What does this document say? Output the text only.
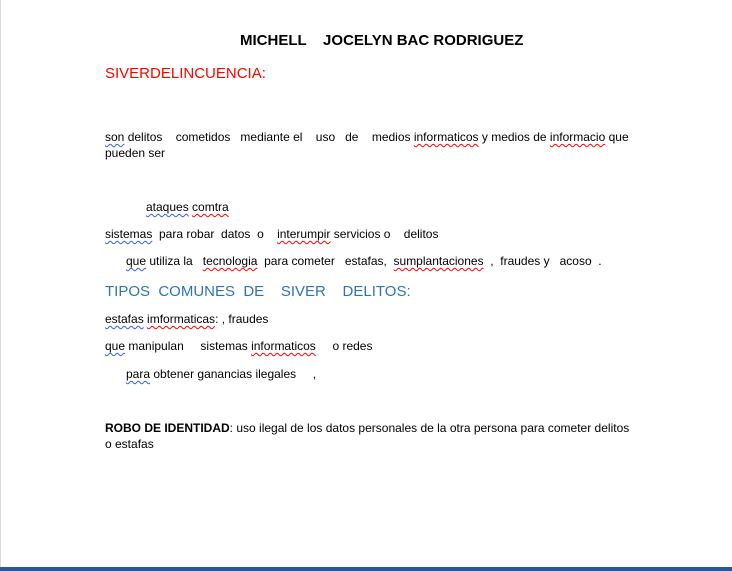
MICHELL    JOCELYN BAC RODRIGUEZ
SIVERDELINCUENCIA:
son delitos    cometidos   mediante el    uso   de    medios informaticos y medios de informacio que
pueden ser
ataques comtra
sistemas  para robar  datos  o    interumpir servicios o    delitos
que utiliza la   tecnologia  para cometer   estafas,  sumplantaciones  ,  fraudes y   acoso  .
TIPOS  COMUNES  DE    SIVER    DELITOS:
estafas imformaticas: , fraudes
que manipulan     sistemas informaticos     o redes
para obtener ganancias ilegales     ,
ROBO DE IDENTIDAD: uso ilegal de los datos personales de la otra persona para cometer delitos
o estafas
